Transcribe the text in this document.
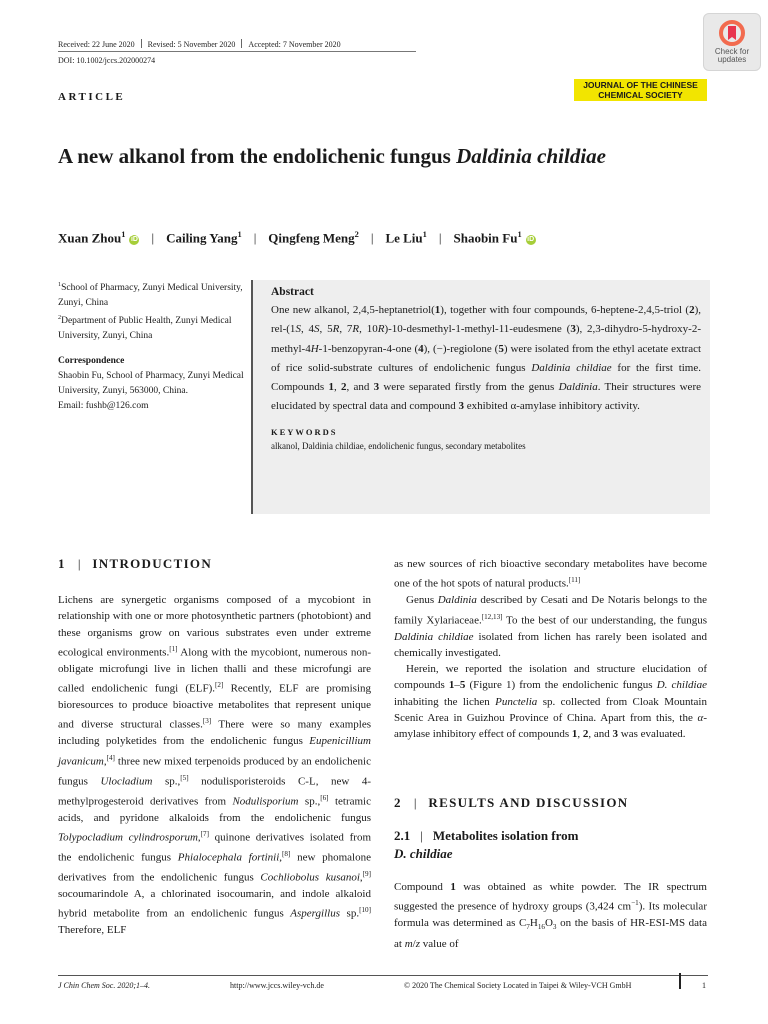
Received: 22 June 2020 Revised: 5 November 2020 Accepted: 7 November 2020
DOI: 10.1002/jccs.202000274
Check for updates
JOURNAL OF THE CHINESE
CHEMICAL SOCIETY
ARTICLE
A new alkanol from the endolichenic fungus Daldinia childiae
Xuan Zhou$^1$iD | Cailing Yang$^1$ | Qingfeng Meng$^2$ | Le Liu$^1$ | Shaobin Fu$^1$iD

$^1$School of Pharmacy, Zunyi Medical University, Zunyi, China

$^2$Department of Public Health, Zunyi Medical University, Zunyi, China

Correspondence

Shaobin Fu, School of Pharmacy, Zunyi Medical University, Zunyi, 563000, China.

Email: fushb@126.com

Abstract

One new alkanol, 2,4,5-heptanetriol(1), together with four compounds, 6-heptene-2,4,5-triol (2), rel-(1S, 4S, 5R, 7R, 10R)-10-desmethyl-1-methyl-11-eudesmene (3), 2,3-dihydro-5-hydroxy-2-methyl-4H-1-benzopyran-4-one (4), (−)-regiolone (5) were isolated from the ethyl acetate extract of rice solid-substrate cultures of endolichenic fungus Daldinia childiae for the first time. Compounds 1, 2, and 3 were separated firstly from the genus Daldinia. Their structures were elucidated by spectral data and compound 3 exhibited α-amylase inhibitory activity.

KEYWORDS

alkanol, Daldinia childiae, endolichenic fungus, secondary metabolites

1 | INTRODUCTION
Lichens are synergetic organisms composed of a mycobiont in relationship with one or more photosynthetic partners (photobiont) and these organisms grow on various substrates even under extreme ecological environments.[1] Along with the mycobiont, numerous non-obligate microfungi live in lichen thalli and these microfungi are called endolichenic fungi (ELF).[2] Recently, ELF are promising bioresources to produce bioactive metabolites that represent unique and diverse structural classes.[3] There were so many examples including polyketides from the endolichenic fungus Eupenicillium javanicum,[4] three new mixed terpenoids produced by an endolichenic fungus Ulocladium sp.,[5] nodulisporisteroids C-L, new 4-methylprogesteroid derivatives from Nodulisporium sp.,[6] tetramic acids, and pyridone alkaloids from the endolichenic fungus Tolypocladium cylindrosporum,[7] quinone derivatives isolated from the endolichenic fungus Phialocephala fortinii,[8] new phomalone derivatives from the endolichenic fungus Cochliobolus kusanoi,[9] socoumarindole A, a chlorinated isocoumarin, and indole alkaloid hybrid metabolite from an endolichenic fungus Aspergillus sp.[10] Therefore, ELF

as new sources of rich bioactive secondary metabolites have become one of the hot spots of natural products.[11]

Genus Daldinia described by Cesati and De Notaris belongs to the family Xylariaceae.[12,13] To the best of our understanding, the fungus Daldinia childiae isolated from lichen has rarely been isolated and chemically investigated.

Herein, we reported the isolation and structure elucidation of compounds 1–5 (Figure 1) from the endolichenic fungus D. childiae inhabiting the lichen Punctelia sp. collected from Cloak Mountain Scenic Area in Guizhou Province of China. Apart from this, the α-amylase inhibitory effect of compounds 1, 2, and 3 was evaluated.

2 | RESULTS AND DISCUSSION
2.1 | Metabolites isolation from
D. childiae
Compound 1 was obtained as white powder. The IR spectrum suggested the presence of hydroxy groups (3,424 $cm^{-1}$). Its molecular formula was determined as $C_7H_{16}O_3$ on the basis of HR-ESI-MS data at m/z value of
J Chin Chem Soc. 2020;1–4.	http://www.jccs.wiley-vch.de	© 2020 The Chemical Society Located in Taipei & Wiley-VCH GmbH	1
